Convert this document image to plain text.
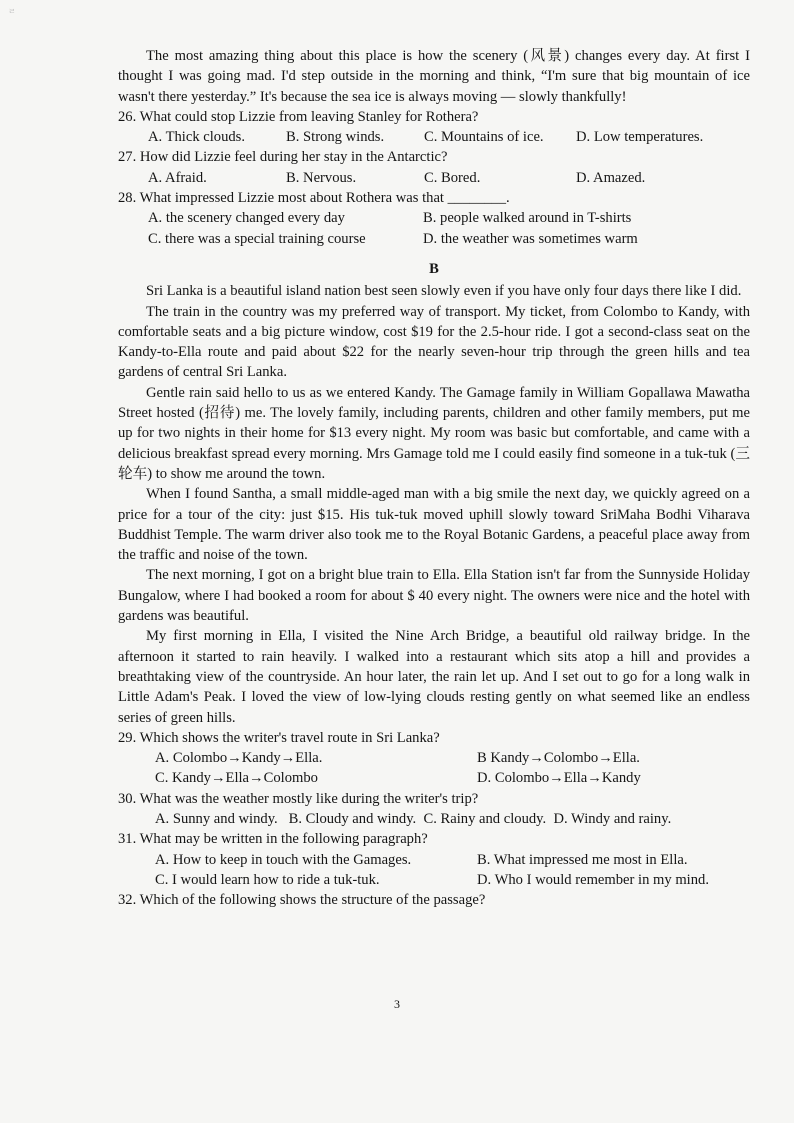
ㄹ

The most amazing thing about this place is how the scenery (风景) changes every day. At first I thought I was going mad. I'd step outside in the morning and think, “I'm sure that big mountain of ice wasn't there yesterday.” It's because the sea ice is always moving — slowly thankfully!

26. What could stop Lizzie from leaving Stanley for Rothera?
A. Thick clouds.	B. Strong winds.	C. Mountains of ice.	D. Low temperatures.
27. How did Lizzie feel during her stay in the Antarctic?
A. Afraid.	B. Nervous.	C. Bored.	D. Amazed.
28. What impressed Lizzie most about Rothera was that ________.
A. the scenery changed every day	B. people walked around in T-shirts
C. there was a special training course	D. the weather was sometimes warm
B

Sri Lanka is a beautiful island nation best seen slowly even if you have only four days there like I did.

The train in the country was my preferred way of transport. My ticket, from Colombo to Kandy, with comfortable seats and a big picture window, cost $19 for the 2.5-hour ride. I got a second-class seat on the Kandy-to-Ella route and paid about $22 for the nearly seven-hour trip through the green hills and tea gardens of central Sri Lanka.

Gentle rain said hello to us as we entered Kandy. The Gamage family in William Gopallawa Mawatha Street hosted (招待) me. The lovely family, including parents, children and other family members, put me up for two nights in their home for $13 every night. My room was basic but comfortable, and came with a delicious breakfast spread every morning. Mrs Gamage told me I could easily find someone in a tuk-tuk (三轮车) to show me around the town.

When I found Santha, a small middle-aged man with a big smile the next day, we quickly agreed on a price for a tour of the city: just $15. His tuk-tuk moved uphill slowly toward SriMaha Bodhi Viharava Buddhist Temple. The warm driver also took me to the Royal Botanic Gardens, a peaceful place away from the traffic and noise of the town.

The next morning, I got on a bright blue train to Ella. Ella Station isn't far from the Sunnyside Holiday Bungalow, where I had booked a room for about $ 40 every night. The owners were nice and the hotel with gardens was beautiful.

My first morning in Ella, I visited the Nine Arch Bridge, a beautiful old railway bridge. In the afternoon it started to rain heavily. I walked into a restaurant which sits atop a hill and provides a breathtaking view of the countryside. An hour later, the rain let up. And I set out to go for a long walk in Little Adam's Peak. I loved the view of low-lying clouds resting gently on what seemed like an endless series of green hills.

29. Which shows the writer's travel route in Sri Lanka?
A. Colombo→Kandy→Ella.	B Kandy→Colombo→Ella.
C. Kandy→Ella→Colombo	D. Colombo→Ella→Kandy
30. What was the weather mostly like during the writer's trip?
A. Sunny and windy.   B. Cloudy and windy.  C. Rainy and cloudy.  D. Windy and rainy.
31. What may be written in the following paragraph?
A. How to keep in touch with the Gamages.	B. What impressed me most in Ella.
C. I would learn how to ride a tuk-tuk.	D. Who I would remember in my mind.
32. Which of the following shows the structure of the passage?
3
